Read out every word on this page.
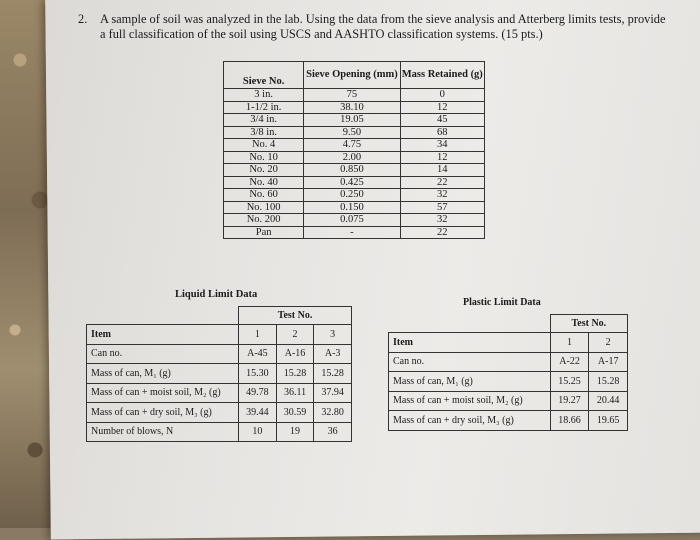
2. A sample of soil was analyzed in the lab. Using the data from the sieve analysis and Atterberg limits tests, provide a full classification of the soil using USCS and AASHTO classification systems. (15 pts.)
Sieve No.	Sieve Opening (mm)	Mass Retained (g)
3 in.	75	0
1-1/2 in.	38.10	12
3/4 in.	19.05	45
3/8 in.	9.50	68
No. 4	4.75	34
No. 10	2.00	12
No. 20	0.850	14
No. 40	0.425	22
No. 60	0.250	32
No. 100	0.150	57
No. 200	0.075	32
Pan	-	22
Liquid Limit Data
Plastic Limit Data
	Test No.		
Item	1	2	3
Can no.	A-45	A-16	A-3
Mass of can, M₁ (g)	15.30	15.28	15.28
Mass of can + moist soil, M₂ (g)	49.78	36.11	37.94
Mass of can + dry soil, M₃ (g)	39.44	30.59	32.80
Number of blows, N	10	19	36
	Test No.	
Item	1	2
Can no.	A-22	A-17
Mass of can, M₁ (g)	15.25	15.28
Mass of can + moist soil, M₂ (g)	19.27	20.44
Mass of can + dry soil, M₃ (g)	18.66	19.65
